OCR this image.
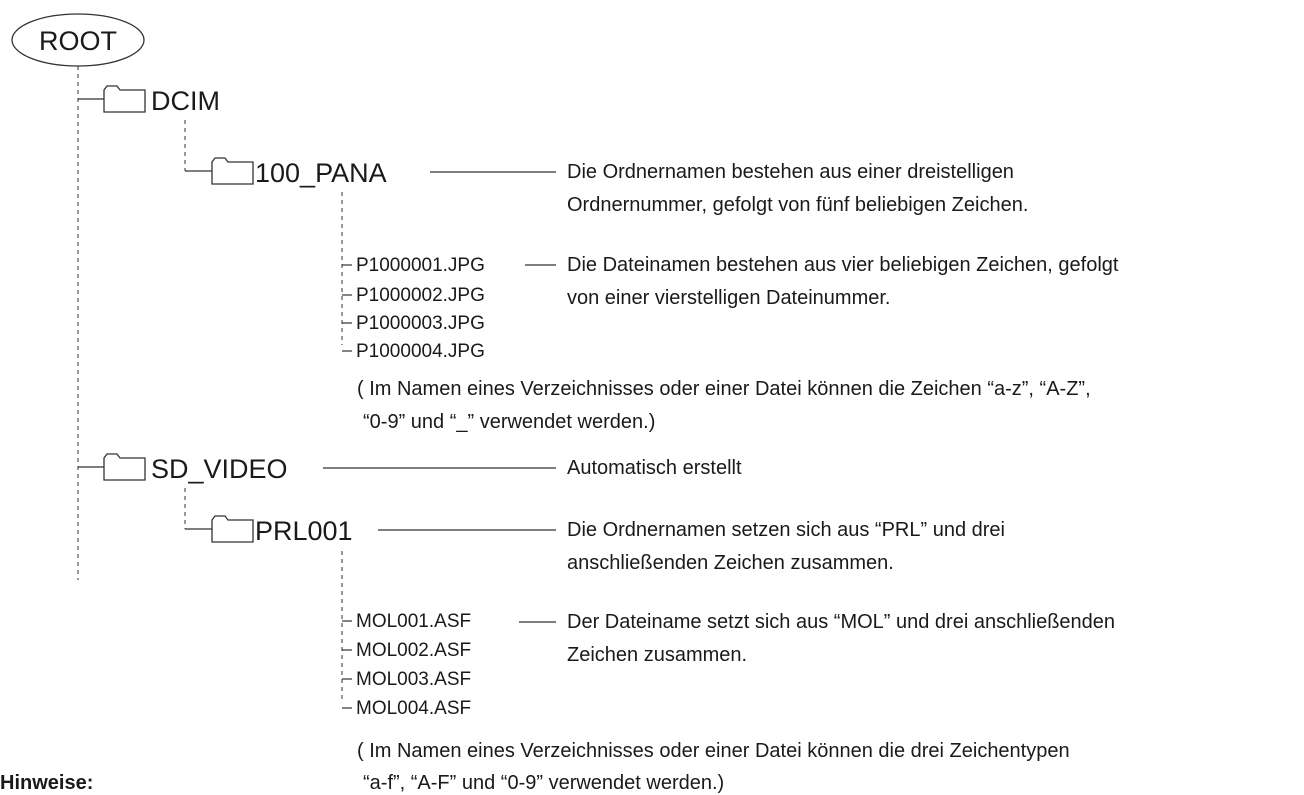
ROOT
DCIM
100_PANA	Die Ordnernamen bestehen aus einer dreistelligen
Ordnernummer, gefolgt von fünf beliebigen Zeichen.
P1000001.JPG
P1000002.JPG
P1000003.JPG
P1000004.JPG
Die Dateinamen bestehen aus vier beliebigen Zeichen, gefolgt
von einer vierstelligen Dateinummer.
( Im Namen eines Verzeichnisses oder einer Datei können die Zeichen “a-z”, “A-Z”,
“0-9” und “_” verwendet werden.)
SD_VIDEO	Automatisch erstellt
PRL001	Die Ordnernamen setzen sich aus “PRL” und drei
anschließenden Zeichen zusammen.
MOL001.ASF
MOL002.ASF
MOL003.ASF
MOL004.ASF
Der Dateiname setzt sich aus “MOL” und drei anschließenden
Zeichen zusammen.
( Im Namen eines Verzeichnisses oder einer Datei können die drei Zeichentypen
“a-f”, “A-F” und “0-9” verwendet werden.)
Hinweise:
